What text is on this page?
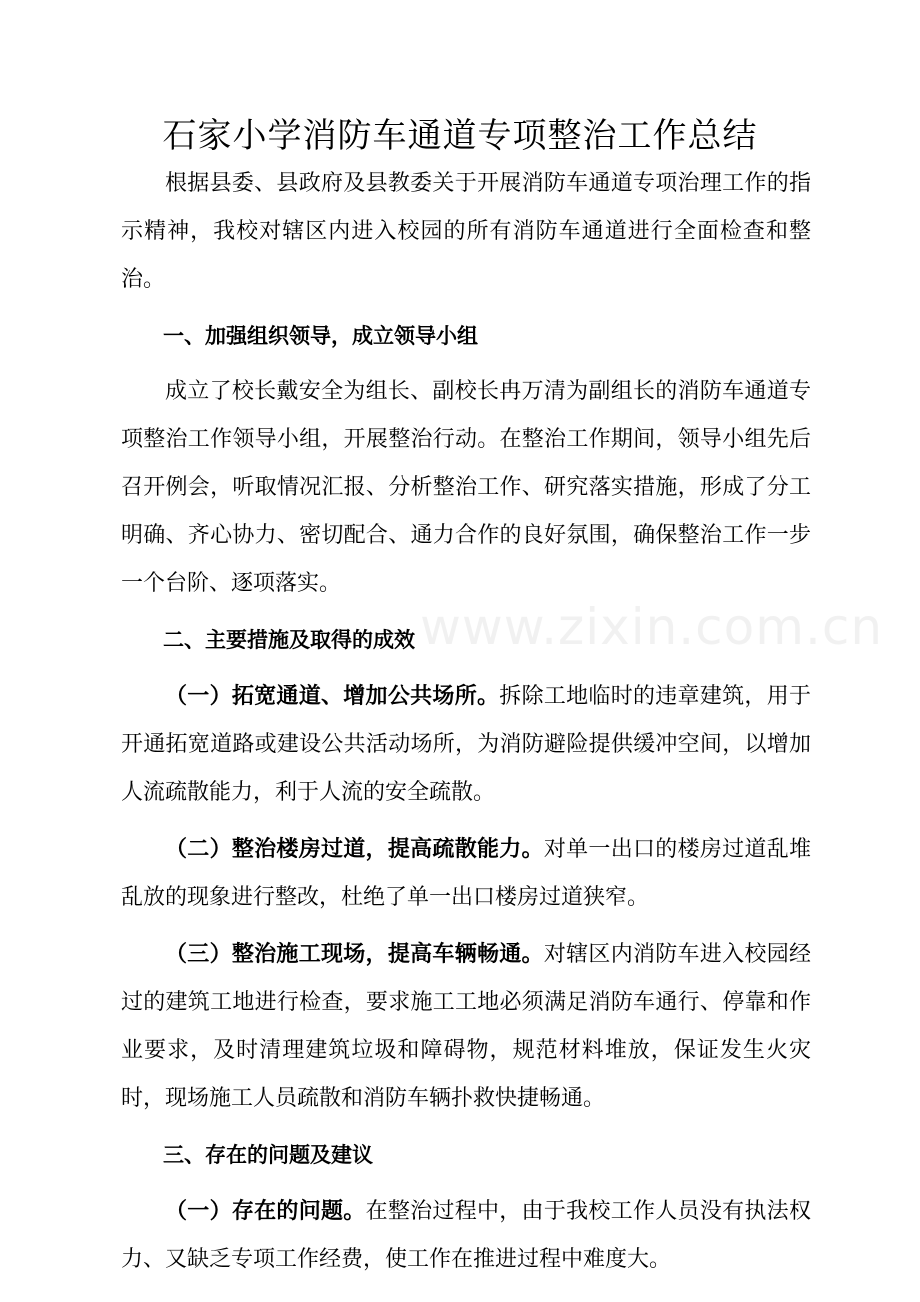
石家小学消防车通道专项整治工作总结

根据县委、县政府及县教委关于开展消防车通道专项治理工作的指示精神，我校对辖区内进入校园的所有消防车通道进行全面检查和整治。

一、加强组织领导，成立领导小组

成立了校长戴安全为组长、副校长冉万清为副组长的消防车通道专项整治工作领导小组，开展整治行动。在整治工作期间，领导小组先后召开例会，听取情况汇报、分析整治工作、研究落实措施，形成了分工明确、齐心协力、密切配合、通力合作的良好氛围，确保整治工作一步一个台阶、逐项落实。

二、主要措施及取得的成效

（一）拓宽通道、增加公共场所。拆除工地临时的违章建筑，用于开通拓宽道路或建设公共活动场所，为消防避险提供缓冲空间，以增加人流疏散能力，利于人流的安全疏散。

（二）整治楼房过道，提高疏散能力。对单一出口的楼房过道乱堆乱放的现象进行整改，杜绝了单一出口楼房过道狭窄。

（三）整治施工现场，提高车辆畅通。对辖区内消防车进入校园经过的建筑工地进行检查，要求施工工地必须满足消防车通行、停靠和作业要求，及时清理建筑垃圾和障碍物，规范材料堆放，保证发生火灾时，现场施工人员疏散和消防车辆扑救快捷畅通。

三、存在的问题及建议

（一）存在的问题。在整治过程中，由于我校工作人员没有执法权力、又缺乏专项工作经费，使工作在推进过程中难度大。

www.zixin.com.cn
